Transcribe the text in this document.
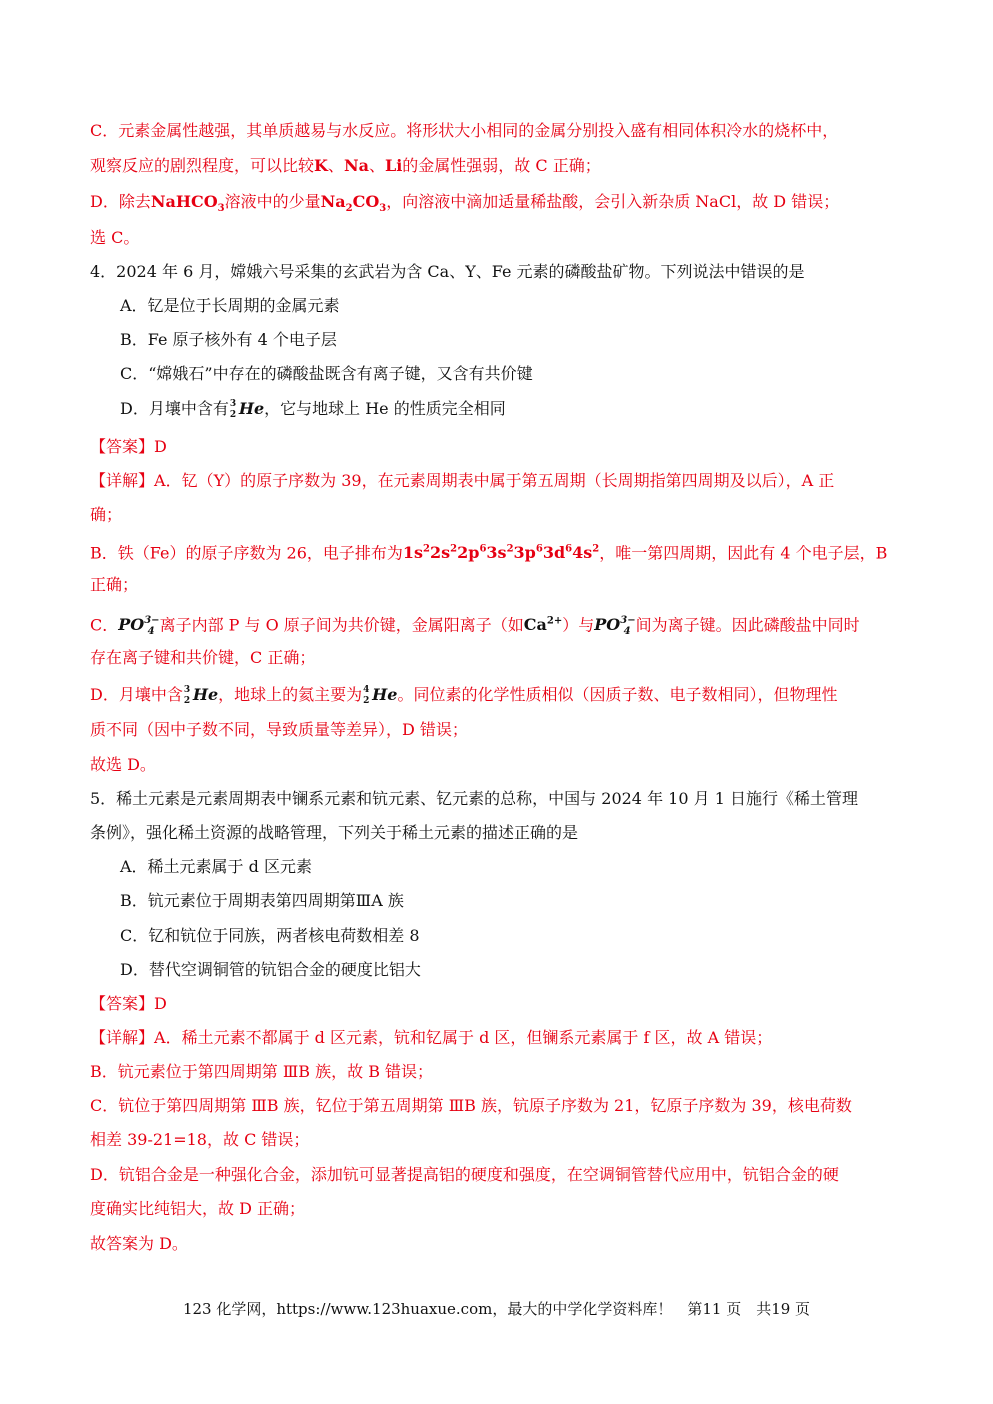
C．元素金属性越强，其单质越易与水反应。将形状大小相同的金属分别投入盛有相同体积冷水的烧杯中，
观察反应的剧烈程度，可以比较K、Na、Li的金属性强弱，故 C 正确；
D．除去NaHCO$_3$溶液中的少量$Na_2CO_3$，向溶液中滴加适量稀盐酸，会引入新杂质 NaCl，故 D 错误；
选 C。
4．2024 年 6 月，嫦娥六号采集的玄武岩为含 Ca、Y、Fe 元素的磷酸盐矿物。下列说法中错误的是
A．钇是位于长周期的金属元素
B．Fe 原子核外有 4 个电子层
C．“嫦娥石”中存在的磷酸盐既含有离子键，又含有共价键
D．月壤中含有 3
2 He，它与地球上 He 的性质完全相同
【答案】D
【详解】A．钇（Y）的原子序数为 39，在元素周期表中属于第五周期（长周期指第四周期及以后），A 正
确；
B．铁（Fe）的原子序数为 26，电子排布为$1s^22s^22p^63s^23p^63d^64s^2$，唯一第四周期，因此有 4 个电子层，B
正确；
C．$PO^{3-}_4$ 离子内部 P 与 O 原子间为共价键，金属阳离子（如$Ca^{2+}$）与$PO^{3-}_4$ 间为离子键。因此磷酸盐中同时
存在离子键和共价键，C 正确；
D．月壤中含 3
2 He，地球上的氦主要为 4
2 He。同位素的化学性质相似（因质子数、电子数相同），但物理性
质不同（因中子数不同，导致质量等差异），D 错误；
故选 D。
5．稀土元素是元素周期表中镧系元素和钪元素、钇元素的总称，中国与 2024 年 10 月 1 日施行《稀土管理
条例》，强化稀土资源的战略管理，下列关于稀土元素的描述正确的是
A．稀土元素属于 d 区元素
B．钪元素位于周期表第四周期第ⅢA 族
C．钇和钪位于同族，两者核电荷数相差 8
D．替代空调铜管的钪铝合金的硬度比铝大
【答案】D
【详解】A．稀土元素不都属于 d 区元素，钪和钇属于 d 区，但镧系元素属于 f 区，故 A 错误；
B．钪元素位于第四周期第 ⅢB 族，故 B 错误；
C．钪位于第四周期第 ⅢB 族，钇位于第五周期第 ⅢB 族，钪原子序数为 21，钇原子序数为 39，核电荷数
相差 39-21=18，故 C 错误；
D．钪铝合金是一种强化合金，添加钪可显著提高铝的硬度和强度，在空调铜管替代应用中，钪铝合金的硬
度确实比纯铝大，故 D 正确；
故答案为 D。
123 化学网，https://www.123huaxue.com，最大的中学化学资料库！　第11 页　共19 页
